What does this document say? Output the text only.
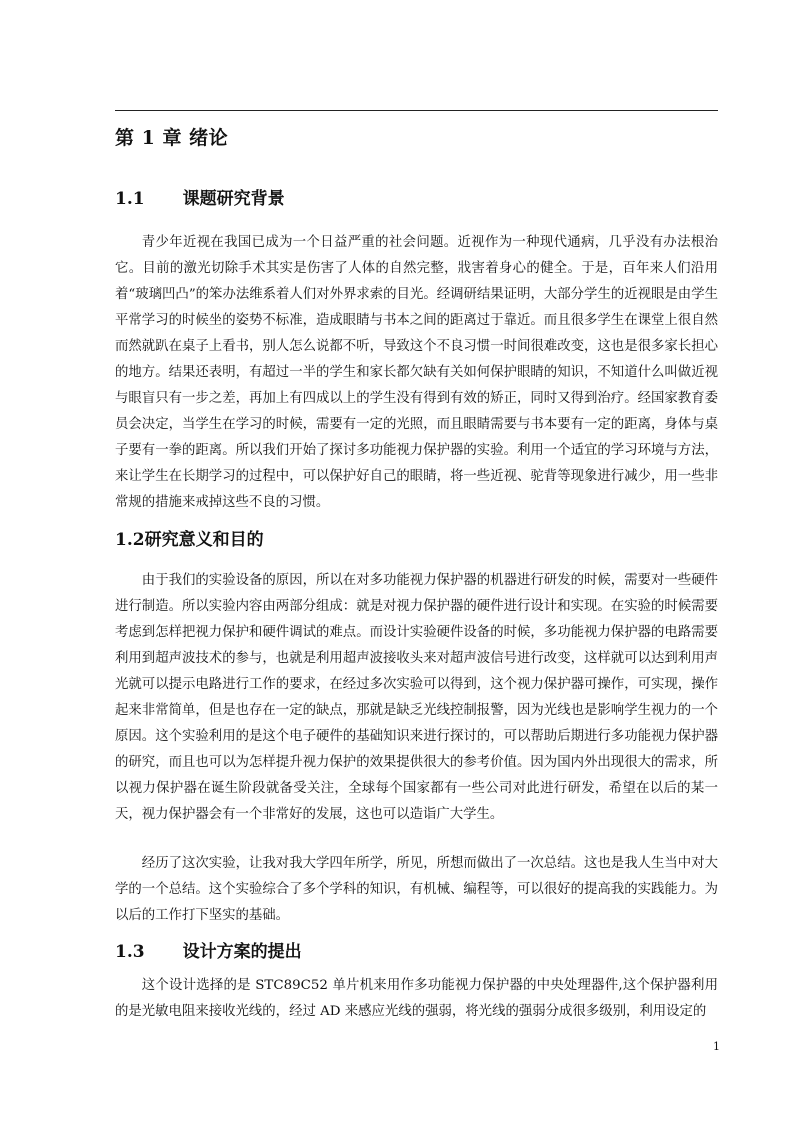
第 1 章 绪论
1.1 课题研究背景

青少年近视在我国已成为一个日益严重的社会问题。近视作为一种现代通病，几乎没有办法根治它。目前的激光切除手术其实是伤害了人体的自然完整，戕害着身心的健全。于是，百年来人们沿用着“玻璃凹凸”的笨办法维系着人们对外界求索的目光。经调研结果证明，大部分学生的近视眼是由学生平常学习的时候坐的姿势不标准，造成眼睛与书本之间的距离过于靠近。而且很多学生在课堂上很自然而然就趴在桌子上看书，别人怎么说都不听，导致这个不良习惯一时间很难改变，这也是很多家长担心的地方。结果还表明，有超过一半的学生和家长都欠缺有关如何保护眼睛的知识，不知道什么叫做近视与眼盲只有一步之差，再加上有四成以上的学生没有得到有效的矫正，同时又得到治疗。经国家教育委员会决定，当学生在学习的时候，需要有一定的光照，而且眼睛需要与书本要有一定的距离，身体与桌子要有一拳的距离。所以我们开始了探讨多功能视力保护器的实验。利用一个适宜的学习环境与方法，来让学生在长期学习的过程中，可以保护好自己的眼睛，将一些近视、驼背等现象进行减少，用一些非常规的措施来戒掉这些不良的习惯。

1.2研究意义和目的

由于我们的实验设备的原因，所以在对多功能视力保护器的机器进行研发的时候，需要对一些硬件进行制造。所以实验内容由两部分组成：就是对视力保护器的硬件进行设计和实现。在实验的时候需要考虑到怎样把视力保护和硬件调试的难点。而设计实验硬件设备的时候，多功能视力保护器的电路需要利用到超声波技术的参与，也就是利用超声波接收头来对超声波信号进行改变，这样就可以达到利用声光就可以提示电路进行工作的要求，在经过多次实验可以得到，这个视力保护器可操作，可实现，操作起来非常简单，但是也存在一定的缺点，那就是缺乏光线控制报警，因为光线也是影响学生视力的一个原因。这个实验利用的是这个电子硬件的基础知识来进行探讨的，可以帮助后期进行多功能视力保护器的研究，而且也可以为怎样提升视力保护的效果提供很大的参考价值。因为国内外出现很大的需求，所以视力保护器在诞生阶段就备受关注，全球每个国家都有一些公司对此进行研发，希望在以后的某一天，视力保护器会有一个非常好的发展，这也可以造诣广大学生。

经历了这次实验，让我对我大学四年所学，所见，所想而做出了一次总结。这也是我人生当中对大学的一个总结。这个实验综合了多个学科的知识，有机械、编程等，可以很好的提高我的实践能力。为以后的工作打下坚实的基础。

1.3 设计方案的提出

这个设计选择的是 STC89C52 单片机来用作多功能视力保护器的中央处理器件,这个保护器利用的是光敏电阻来接收光线的，经过 AD 来感应光线的强弱，将光线的强弱分成很多级别，利用设定的

1
